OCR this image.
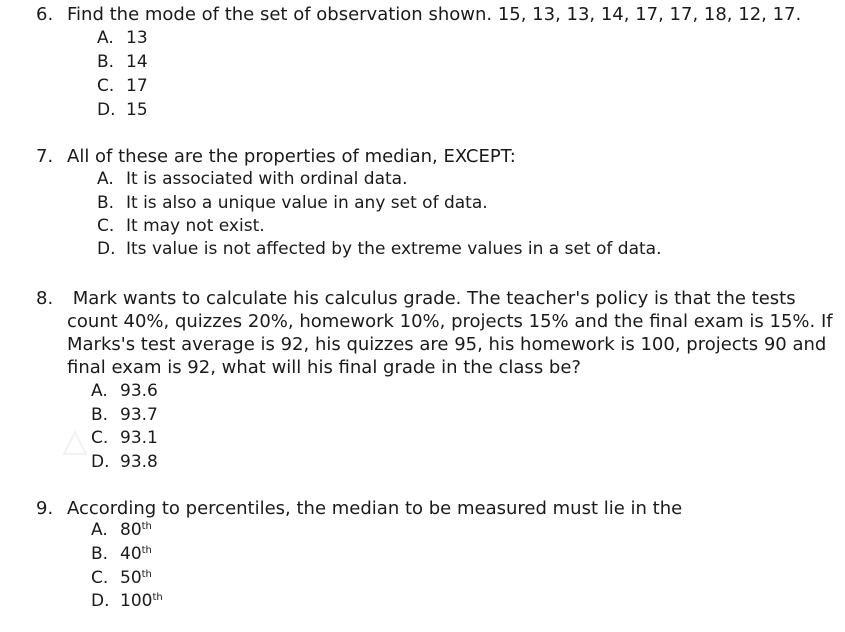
6. Find the mode of the set of observation shown. 15, 13, 13, 14, 17, 17, 18, 12, 17.
A. 13
B. 14
C. 17
D. 15
7. All of these are the properties of median, EXCEPT:
A. It is associated with ordinal data.
B. It is also a unique value in any set of data.
C. It may not exist.
D. Its value is not affected by the extreme values in a set of data.
8. Mark wants to calculate his calculus grade. The teacher's policy is that the tests
count 40%, quizzes 20%, homework 10%, projects 15% and the final exam is 15%. If
Marks's test average is 92, his quizzes are 95, his homework is 100, projects 90 and
final exam is 92, what will his final grade in the class be?
A. 93.6
B. 93.7
C. 93.1
D. 93.8
9. According to percentiles, the median to be measured must lie in the
A. 80th
B. 40th
C. 50th
D. 100th
